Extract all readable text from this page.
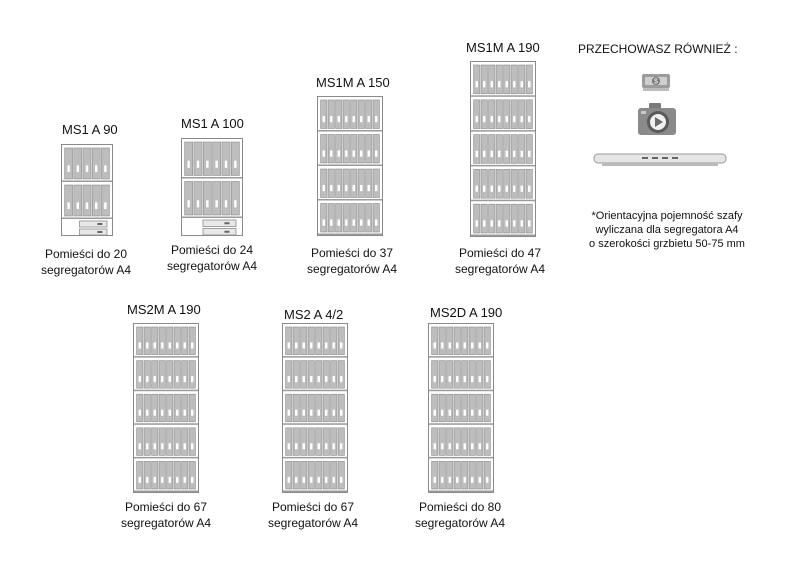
MS1 A 90
Pomieści do 20
segregatorów A4
MS1 A 100
Pomieści do 24
segregatorów A4
MS1M A 150
Pomieści do 37
segregatorów A4
MS1M A 190
Pomieści do 47
segregatorów A4
MS2M A 190
Pomieści do 67
segregatorów A4
MS2 A 4/2
Pomieści do 67
segregatorów A4
MS2D A 190
Pomieści do 80
segregatorów A4
PRZECHOWASZ RÓWNIEŻ :
$
*Orientacyjna pojemność szafy
wyliczana dla segregatora A4
o szerokości grzbietu 50-75 mm
